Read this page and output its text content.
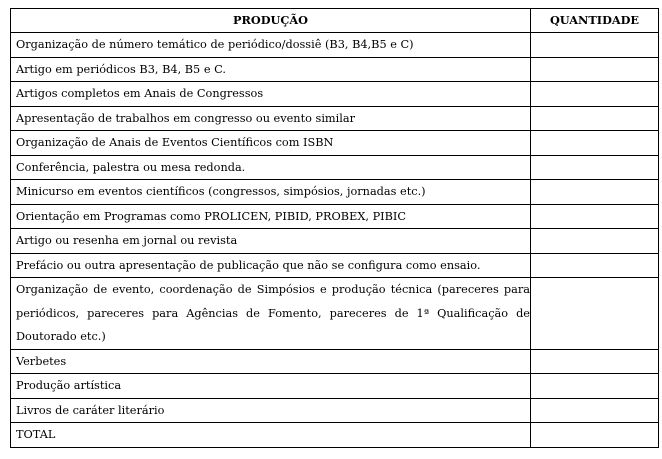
PRODUÇÃO	QUANTIDADE
Organização de número temático de periódico/dossiê (B3, B4,B5 e C)	
Artigo em periódicos B3, B4, B5 e C.	
Artigos completos em Anais de Congressos	
Apresentação de trabalhos em congresso ou evento similar	
Organização de Anais de Eventos Científicos com ISBN	
Conferência, palestra ou mesa redonda.	
Minicurso em eventos científicos (congressos, simpósios, jornadas etc.)	
Orientação em Programas como PROLICEN, PIBID, PROBEX, PIBIC	
Artigo ou resenha em jornal ou revista	
Prefácio ou outra apresentação de publicação que não se configura como ensaio.	

Organização de evento, coordenação de Simpósios e produção técnica (pareceres para
periódicos, pareceres para Agências de Fomento, pareceres de 1ª Qualificação de
Doutorado etc.)	

Verbetes	
Produção artística	
Livros de caráter literário	
TOTAL	
